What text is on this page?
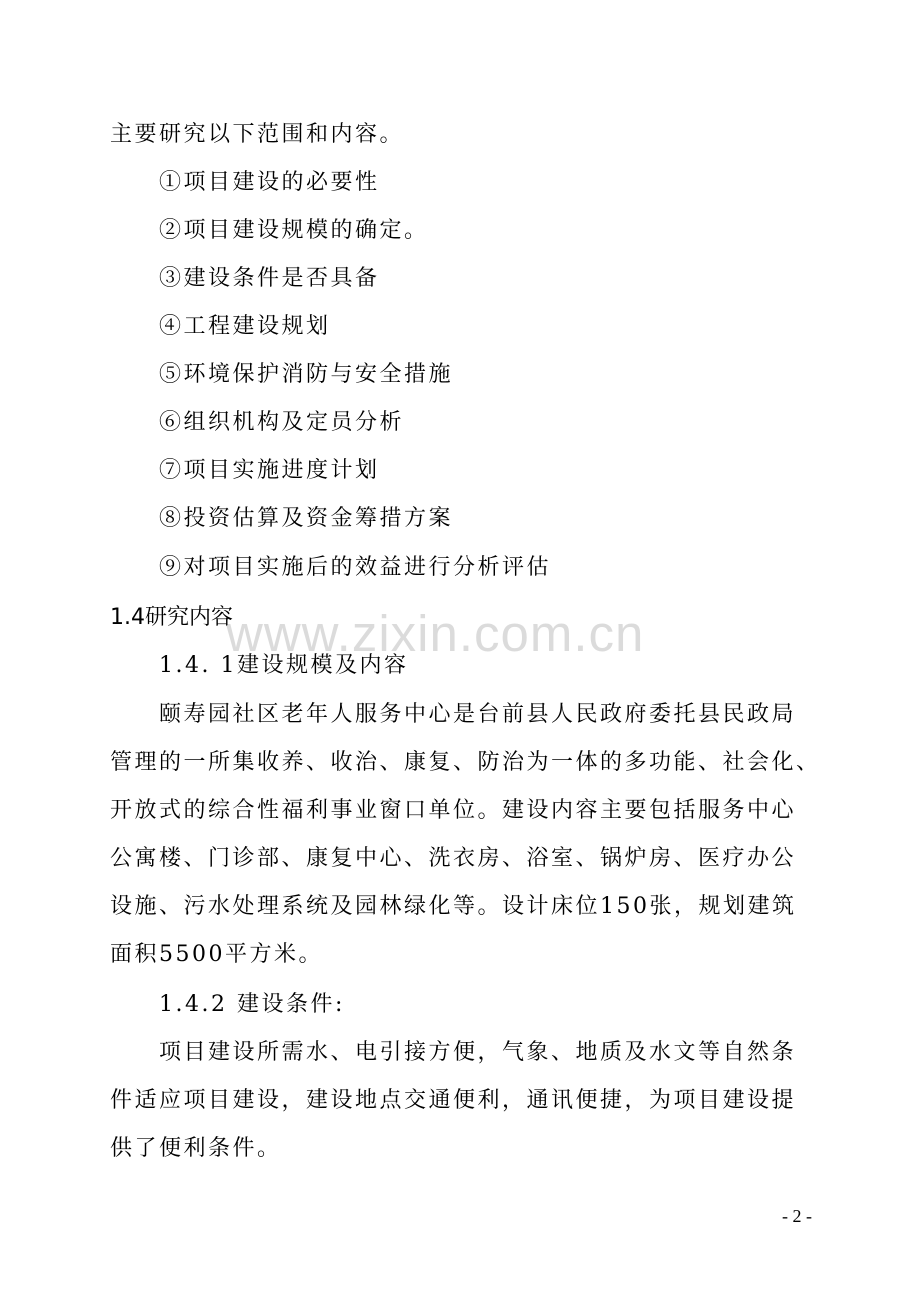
主要研究以下范围和内容。
①项目建设的必要性
②项目建设规模的确定。
③建设条件是否具备
④工程建设规划
⑤环境保护消防与安全措施
⑥组织机构及定员分析
⑦项目实施进度计划
⑧投资估算及资金筹措方案
⑨对项目实施后的效益进行分析评估
1.4研究内容
1.4. 1建设规模及内容
颐寿园社区老年人服务中心是台前县人民政府委托县民政局
管理的一所集收养、收治、康复、防治为一体的多功能、社会化、
开放式的综合性福利事业窗口单位。建设内容主要包括服务中心
公寓楼、门诊部、康复中心、洗衣房、浴室、锅炉房、医疗办公
设施、污水处理系统及园林绿化等。设计床位150张，规划建筑
面积5500平方米。
1.4.2 建设条件:
项目建设所需水、电引接方便，气象、地质及水文等自然条
件适应项目建设，建设地点交通便利，通讯便捷，为项目建设提
供了便利条件。
www.zixin.com.cn
- 2 -
